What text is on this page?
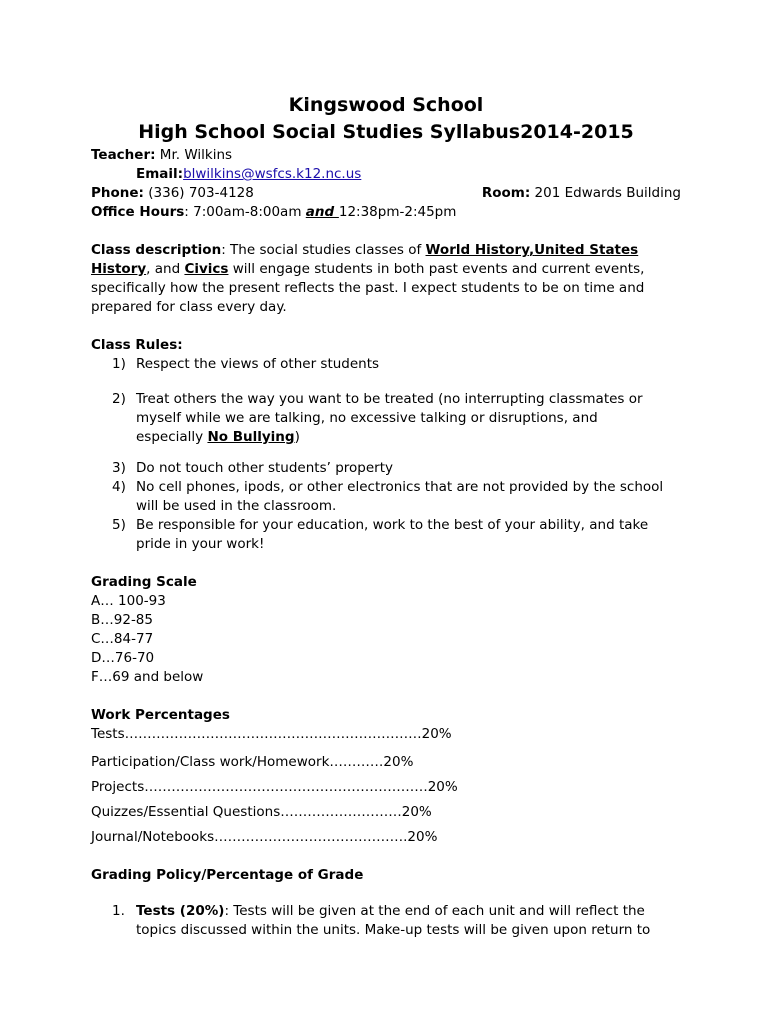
Kingswood School
High School Social Studies Syllabus2014-2015
Teacher: Mr. Wilkins
Email:blwilkins@wsfcs.k12.nc.us
Phone: (336) 703-4128	Room: 201 Edwards Building
Office Hours: 7:00am-8:00am and 12:38pm-2:45pm
Class description: The social studies classes of World History,United States
History, and Civics will engage students in both past events and current events,
specifically how the present reflects the past. I expect students to be on time and
prepared for class every day.
Class Rules:
1) Respect the views of other students
2) Treat others the way you want to be treated (no interrupting classmates or
myself while we are talking, no excessive talking or disruptions, and
especially No Bullying)
3) Do not touch other students’ property
4) No cell phones, ipods, or other electronics that are not provided by the school
will be used in the classroom.
5) Be responsible for your education, work to the best of your ability, and take
pride in your work!
Grading Scale
A… 100-93
B…92-85
C…84-77
D…76-70
F…69 and below
Work Percentages
Tests…………………………………………………………20%
Participation/Class work/Homework…………20%
Projects………………………………………………………20%
Quizzes/Essential Questions………………………20%
Journal/Notebooks…………………………………….20%
Grading Policy/Percentage of Grade
1. Tests (20%): Tests will be given at the end of each unit and will reflect the
topics discussed within the units. Make-up tests will be given upon return to
